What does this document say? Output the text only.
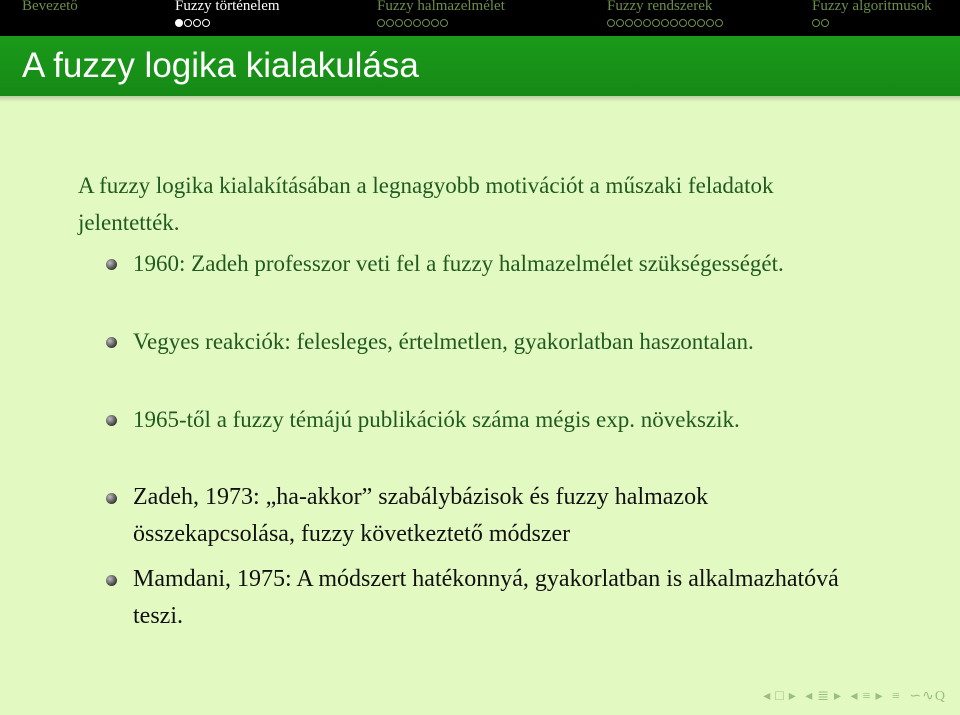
Bevezető	Fuzzy történelem	Fuzzy halmazelmélet	Fuzzy rendszerek	Fuzzy algoritmusok
A fuzzy logika kialakulása
A fuzzy logika kialakításában a legnagyobb motivációt a műszaki feladatok jelentették.
1960: Zadeh professzor veti fel a fuzzy halmazelmélet szükségességét.
Vegyes reakciók: felesleges, értelmetlen, gyakorlatban haszontalan.
1965-től a fuzzy témájú publikációk száma mégis exp. növekszik.
Zadeh, 1973: „ha-akkor” szabálybázisok és fuzzy halmazok összekapcsolása, fuzzy következtető módszer
Mamdani, 1975: A módszert hatékonnyá, gyakorlatban is alkalmazhatóvá teszi.
◂ □ ▸ ◂ ≣ ▸ ◂ ≡ ▸ ≡ ∽∿Q
